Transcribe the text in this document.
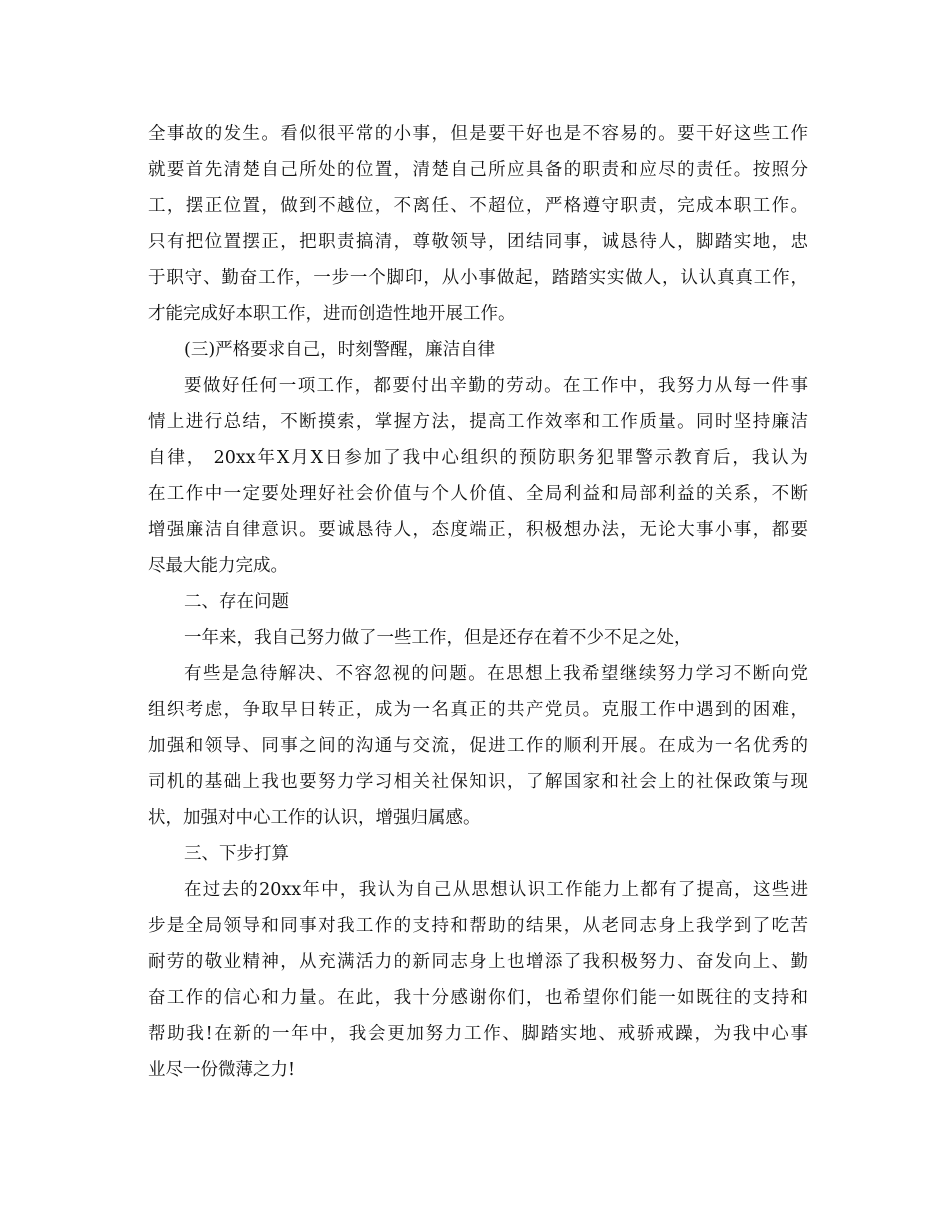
全事故的发生。看似很平常的小事，但是要干好也是不容易的。要干好这些工作
就要首先清楚自己所处的位置，清楚自己所应具备的职责和应尽的责任。按照分
工，摆正位置，做到不越位，不离任、不超位，严格遵守职责，完成本职工作。
只有把位置摆正，把职责搞清，尊敬领导，团结同事，诚恳待人，脚踏实地，忠
于职守、勤奋工作，一步一个脚印，从小事做起，踏踏实实做人，认认真真工作，
才能完成好本职工作，进而创造性地开展工作。
(三)严格要求自己，时刻警醒，廉洁自律
要做好任何一项工作，都要付出辛勤的劳动。在工作中，我努力从每一件事
情上进行总结，不断摸索，掌握方法，提高工作效率和工作质量。同时坚持廉洁
自律， 20xx年X月X日参加了我中心组织的预防职务犯罪警示教育后，我认为
在工作中一定要处理好社会价值与个人价值、全局利益和局部利益的关系，不断
增强廉洁自律意识。要诚恳待人，态度端正，积极想办法，无论大事小事，都要
尽最大能力完成。
二、存在问题
一年来，我自己努力做了一些工作，但是还存在着不少不足之处，
有些是急待解决、不容忽视的问题。在思想上我希望继续努力学习不断向党
组织考虑，争取早日转正，成为一名真正的共产党员。克服工作中遇到的困难，
加强和领导、同事之间的沟通与交流，促进工作的顺利开展。在成为一名优秀的
司机的基础上我也要努力学习相关社保知识，了解国家和社会上的社保政策与现
状，加强对中心工作的认识，增强归属感。
三、下步打算
在过去的20xx年中，我认为自己从思想认识工作能力上都有了提高，这些进
步是全局领导和同事对我工作的支持和帮助的结果，从老同志身上我学到了吃苦
耐劳的敬业精神，从充满活力的新同志身上也增添了我积极努力、奋发向上、勤
奋工作的信心和力量。在此，我十分感谢你们，也希望你们能一如既往的支持和
帮助我!在新的一年中，我会更加努力工作、脚踏实地、戒骄戒躁，为我中心事
业尽一份微薄之力!
